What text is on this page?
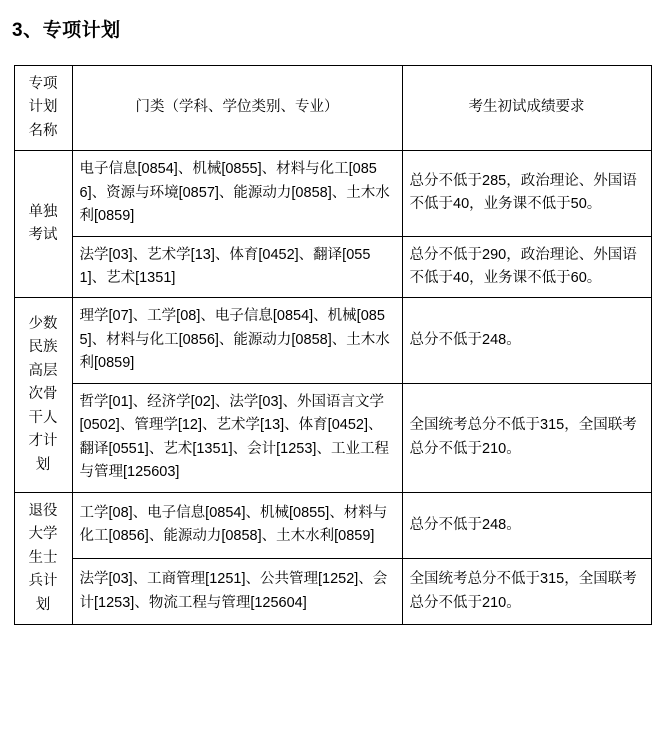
3、专项计划
专项计划名称	门类（学科、学位类别、专业）	考生初试成绩要求
单独考试	电子信息[0854]、机械[0855]、材料与化工[0856]、资源与环境[0857]、能源动力[0858]、土木水利[0859]	总分不低于285，政治理论、外国语不低于40，业务课不低于50。

	法学[03]、艺术学[13]、体育[0452]、翻译[0551]、艺术[1351]	总分不低于290，政治理论、外国语不低于40，业务课不低于60。

少数民族高层次骨干人才计划	理学[07]、工学[08]、电子信息[0854]、机械[0855]、材料与化工[0856]、能源动力[0858]、土木水利[0859]	总分不低于248。

	哲学[01]、经济学[02]、法学[03]、外国语言文学[0502]、管理学[12]、艺术学[13]、体育[0452]、翻译[0551]、艺术[1351]、会计[1253]、工业工程与管理[125603]	全国统考总分不低于315，全国联考总分不低于210。

退役大学生士兵计划	工学[08]、电子信息[0854]、机械[0855]、材料与化工[0856]、能源动力[0858]、土木水利[0859]	总分不低于248。

	法学[03]、工商管理[1251]、公共管理[1252]、会计[1253]、物流工程与管理[125604]	全国统考总分不低于315，全国联考总分不低于210。
